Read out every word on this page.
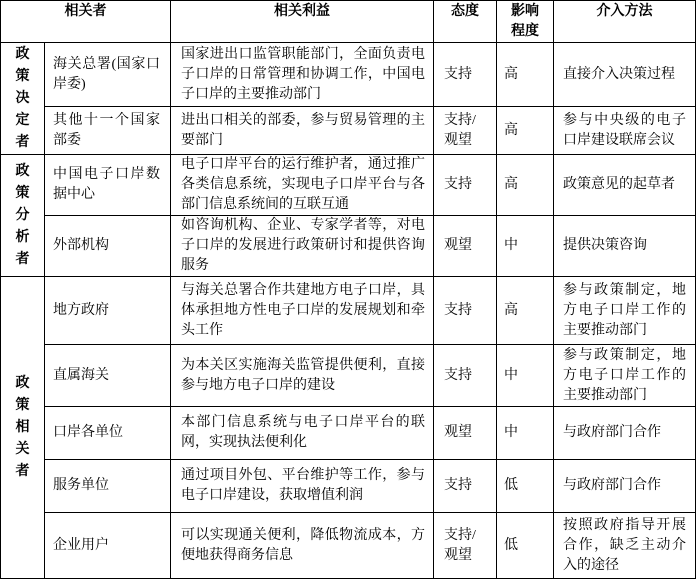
相关者		相关利益	态度	影响程度	介入方法

政策决定者	海关总署(国家口岸委)	国家进出口监管职能部门，全面负责电子口岸的日常管理和协调工作，中国电子口岸的主要推动部门	支持	高	直接介入决策过程
	其他十一个国家部委	进出口相关的部委，参与贸易管理的主要部门	支持/观望	高	参与中央级的电子口岸建设联席会议

政策分析者	中国电子口岸数据中心	电子口岸平台的运行维护者，通过推广各类信息系统，实现电子口岸平台与各部门信息系统间的互联互通	支持	高	政策意见的起草者
	外部机构	如咨询机构、企业、专家学者等，对电子口岸的发展进行政策研讨和提供咨询服务	观望	中	提供决策咨询

政策相关者	地方政府	与海关总署合作共建地方电子口岸，具体承担地方性电子口岸的发展规划和牵头工作	支持	高	参与政策制定，地方电子口岸工作的主要推动部门
	直属海关	为本关区实施海关监管提供便利，直接参与地方电子口岸的建设	支持	中	参与政策制定，地方电子口岸工作的主要推动部门
	口岸各单位	本部门信息系统与电子口岸平台的联网，实现执法便利化	观望	中	与政府部门合作
	服务单位	通过项目外包、平台维护等工作，参与电子口岸建设，获取增值利润	支持	低	与政府部门合作
	企业用户	可以实现通关便利，降低物流成本，方便地获得商务信息	支持/观望	低	按照政府指导开展合作，缺乏主动介入的途径
